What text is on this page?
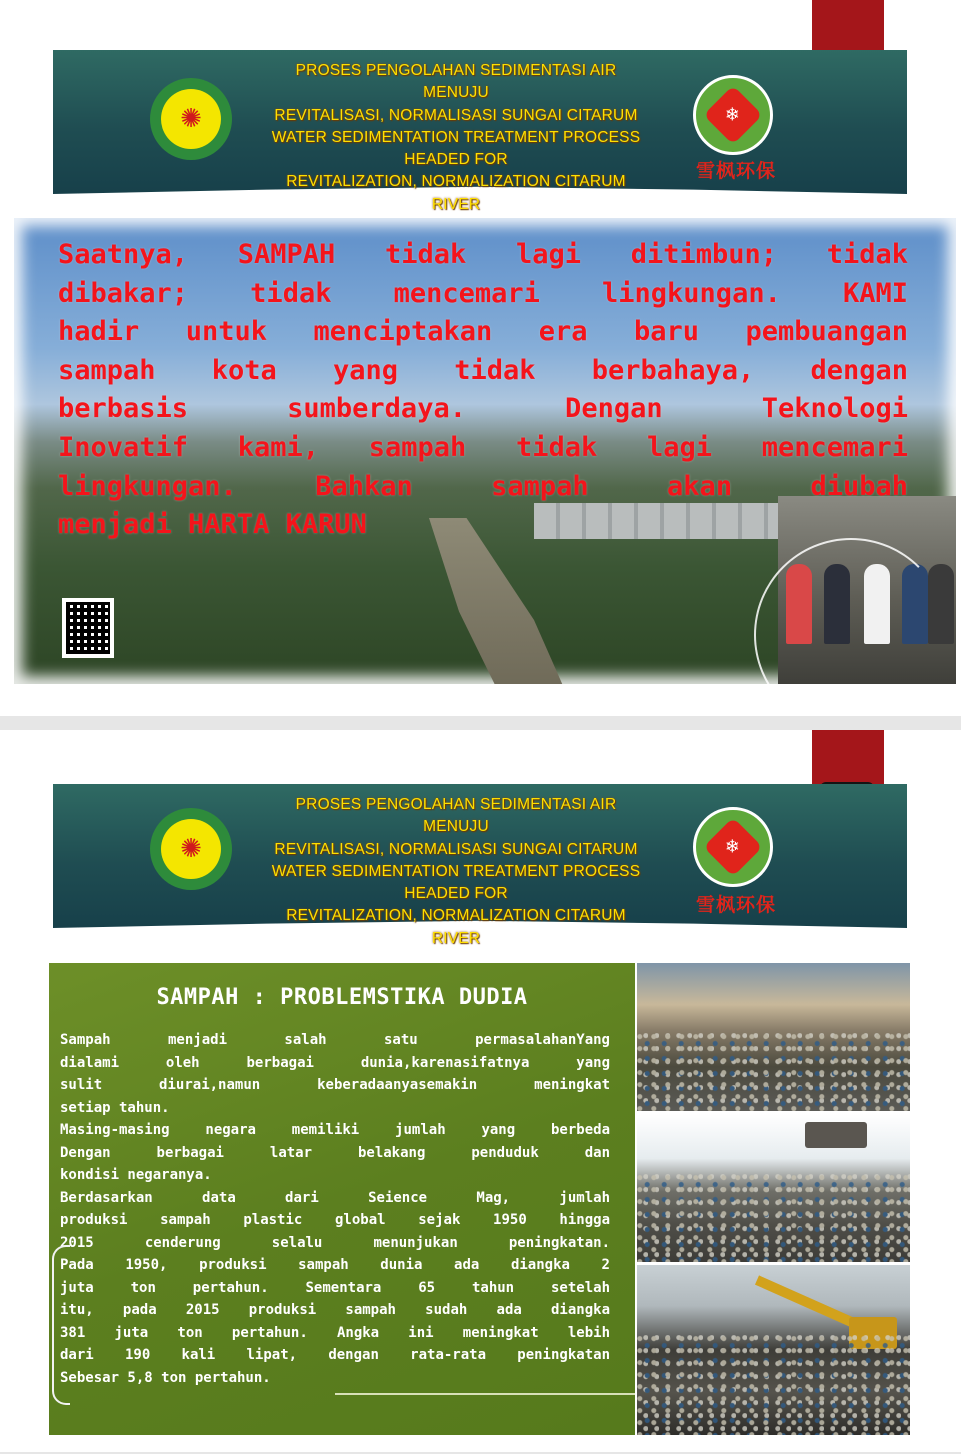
PROSES PENGOLAHAN SEDIMENTASI AIR
MENUJU
REVITALISASI, NORMALISASI SUNGAI CITARUM
WATER SEDIMENTATION TREATMENT PROCESS
HEADED FOR
REVITALIZATION, NORMALIZATION CITARUM
RIVER
✺	❄
雪枫环保
Saatnya, SAMPAH tidak lagi ditimbun; tidak
dibakar; tidak mencemari lingkungan. KAMI
hadir untuk menciptakan era baru pembuangan
sampah kota yang tidak berbahaya, dengan
berbasis sumberdaya. Dengan Teknologi
Inovatif kami, sampah tidak lagi mencemari
lingkungan. Bahkan sampah akan diubah
menjadi HARTA KARUN
PROSES PENGOLAHAN SEDIMENTASI AIR
MENUJU
REVITALISASI, NORMALISASI SUNGAI CITARUM
WATER SEDIMENTATION TREATMENT PROCESS
HEADED FOR
REVITALIZATION, NORMALIZATION CITARUM
RIVER
✺	❄
雪枫环保
SAMPAH : PROBLEMSTIKA DUDIA
Sampah menjadi salah satu permasalahanYang
dialami oleh berbagai dunia,karenasifatnya yang
sulit diurai,namun keberadaanyasemakin meningkat
setiap tahun.
Masing-masing negara memiliki jumlah yang berbeda
Dengan berbagai latar belakang penduduk dan
kondisi negaranya.
Berdasarkan data dari Seience Mag, jumlah
produksi sampah plastic global sejak 1950 hingga
2015 cenderung selalu menunjukan peningkatan.
Pada 1950, produksi sampah dunia ada diangka 2
juta ton pertahun. Sementara 65 tahun setelah
itu, pada 2015 produksi sampah sudah ada diangka
381 juta ton pertahun. Angka ini meningkat lebih
dari 190 kali lipat, dengan rata-rata peningkatan
Sebesar 5,8 ton pertahun.
